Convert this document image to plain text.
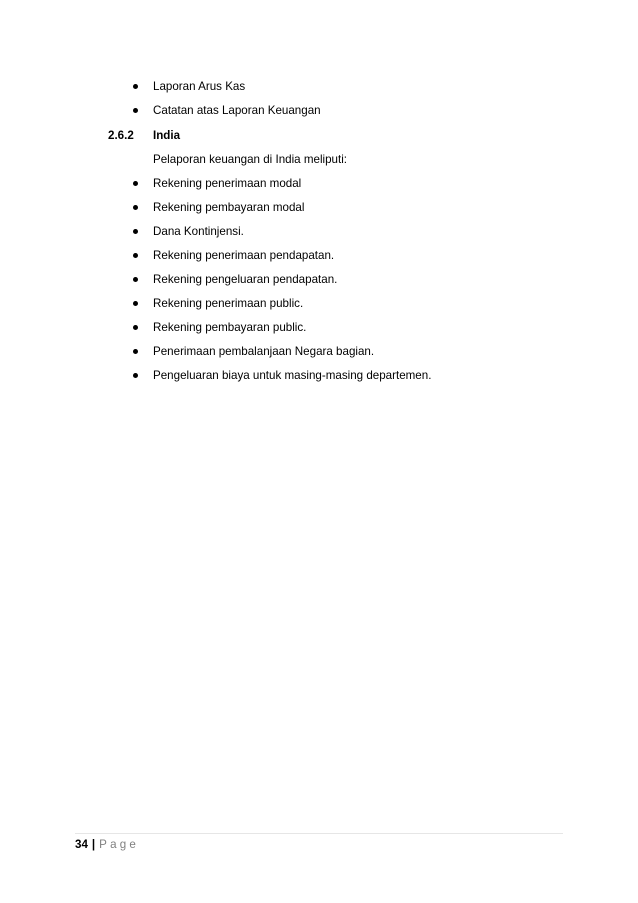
Laporan Arus Kas
Catatan atas Laporan Keuangan
2.6.2 India
Pelaporan keuangan di India meliputi:
Rekening penerimaan modal
Rekening pembayaran modal
Dana Kontinjensi.
Rekening penerimaan pendapatan.
Rekening pengeluaran pendapatan.
Rekening penerimaan public.
Rekening pembayaran public.
Penerimaan pembalanjaan Negara bagian.
Pengeluaran biaya untuk masing-masing departemen.
34 | Page
